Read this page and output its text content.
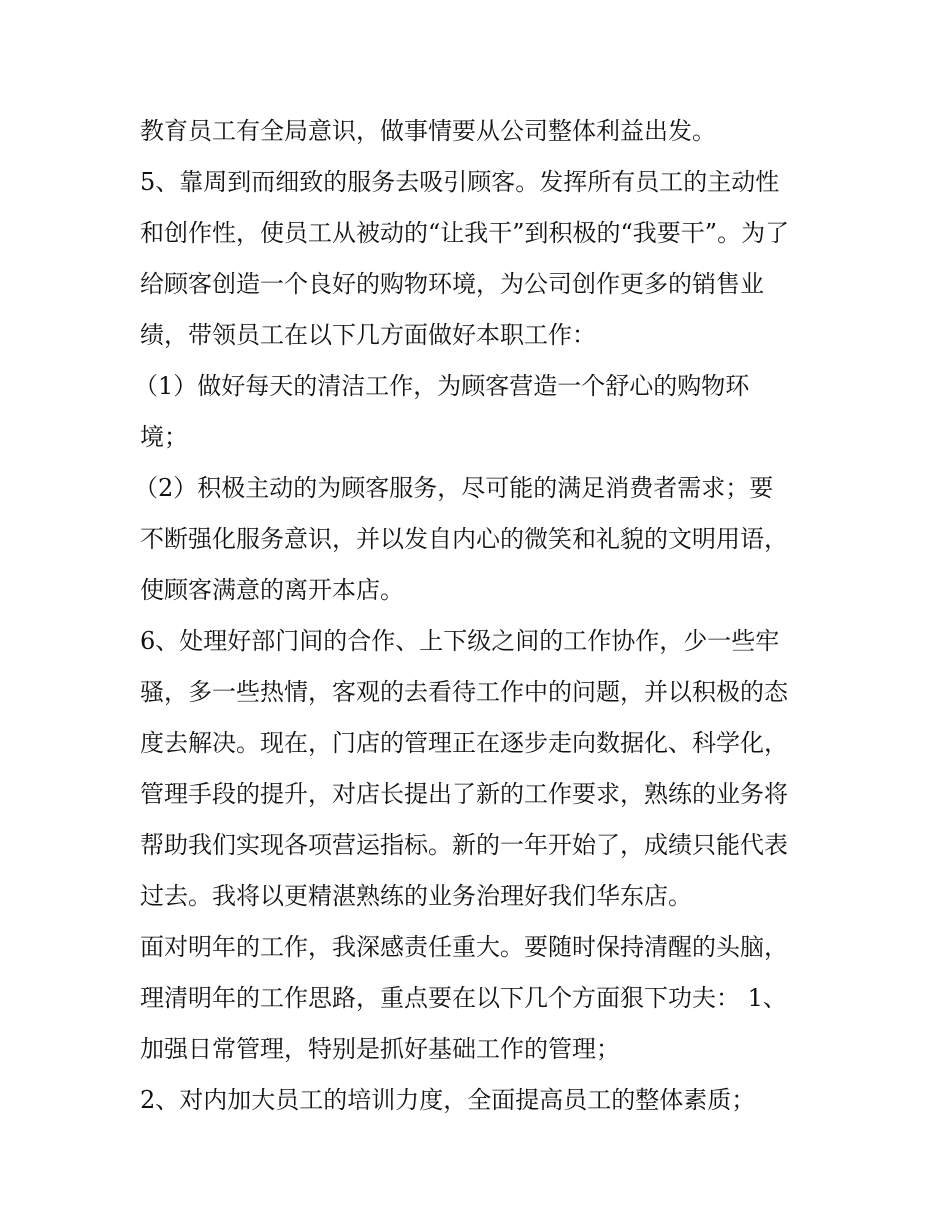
教育员工有全局意识，做事情要从公司整体利益出发。
5、靠周到而细致的服务去吸引顾客。发挥所有员工的主动性
和创作性，使员工从被动的“让我干”到积极的“我要干”。为了
给顾客创造一个良好的购物环境，为公司创作更多的销售业
绩，带领员工在以下几方面做好本职工作：
（1）做好每天的清洁工作，为顾客营造一个舒心的购物环
境；
（2）积极主动的为顾客服务，尽可能的满足消费者需求；要
不断强化服务意识，并以发自内心的微笑和礼貌的文明用语，
使顾客满意的离开本店。
6、处理好部门间的合作、上下级之间的工作协作，少一些牢
骚，多一些热情，客观的去看待工作中的问题，并以积极的态
度去解决。现在，门店的管理正在逐步走向数据化、科学化，
管理手段的提升，对店长提出了新的工作要求，熟练的业务将
帮助我们实现各项营运指标。新的一年开始了，成绩只能代表
过去。我将以更精湛熟练的业务治理好我们华东店。
面对明年的工作，我深感责任重大。要随时保持清醒的头脑，
理清明年的工作思路，重点要在以下几个方面狠下功夫： 1、
加强日常管理，特别是抓好基础工作的管理；
2、对内加大员工的培训力度，全面提高员工的整体素质；
